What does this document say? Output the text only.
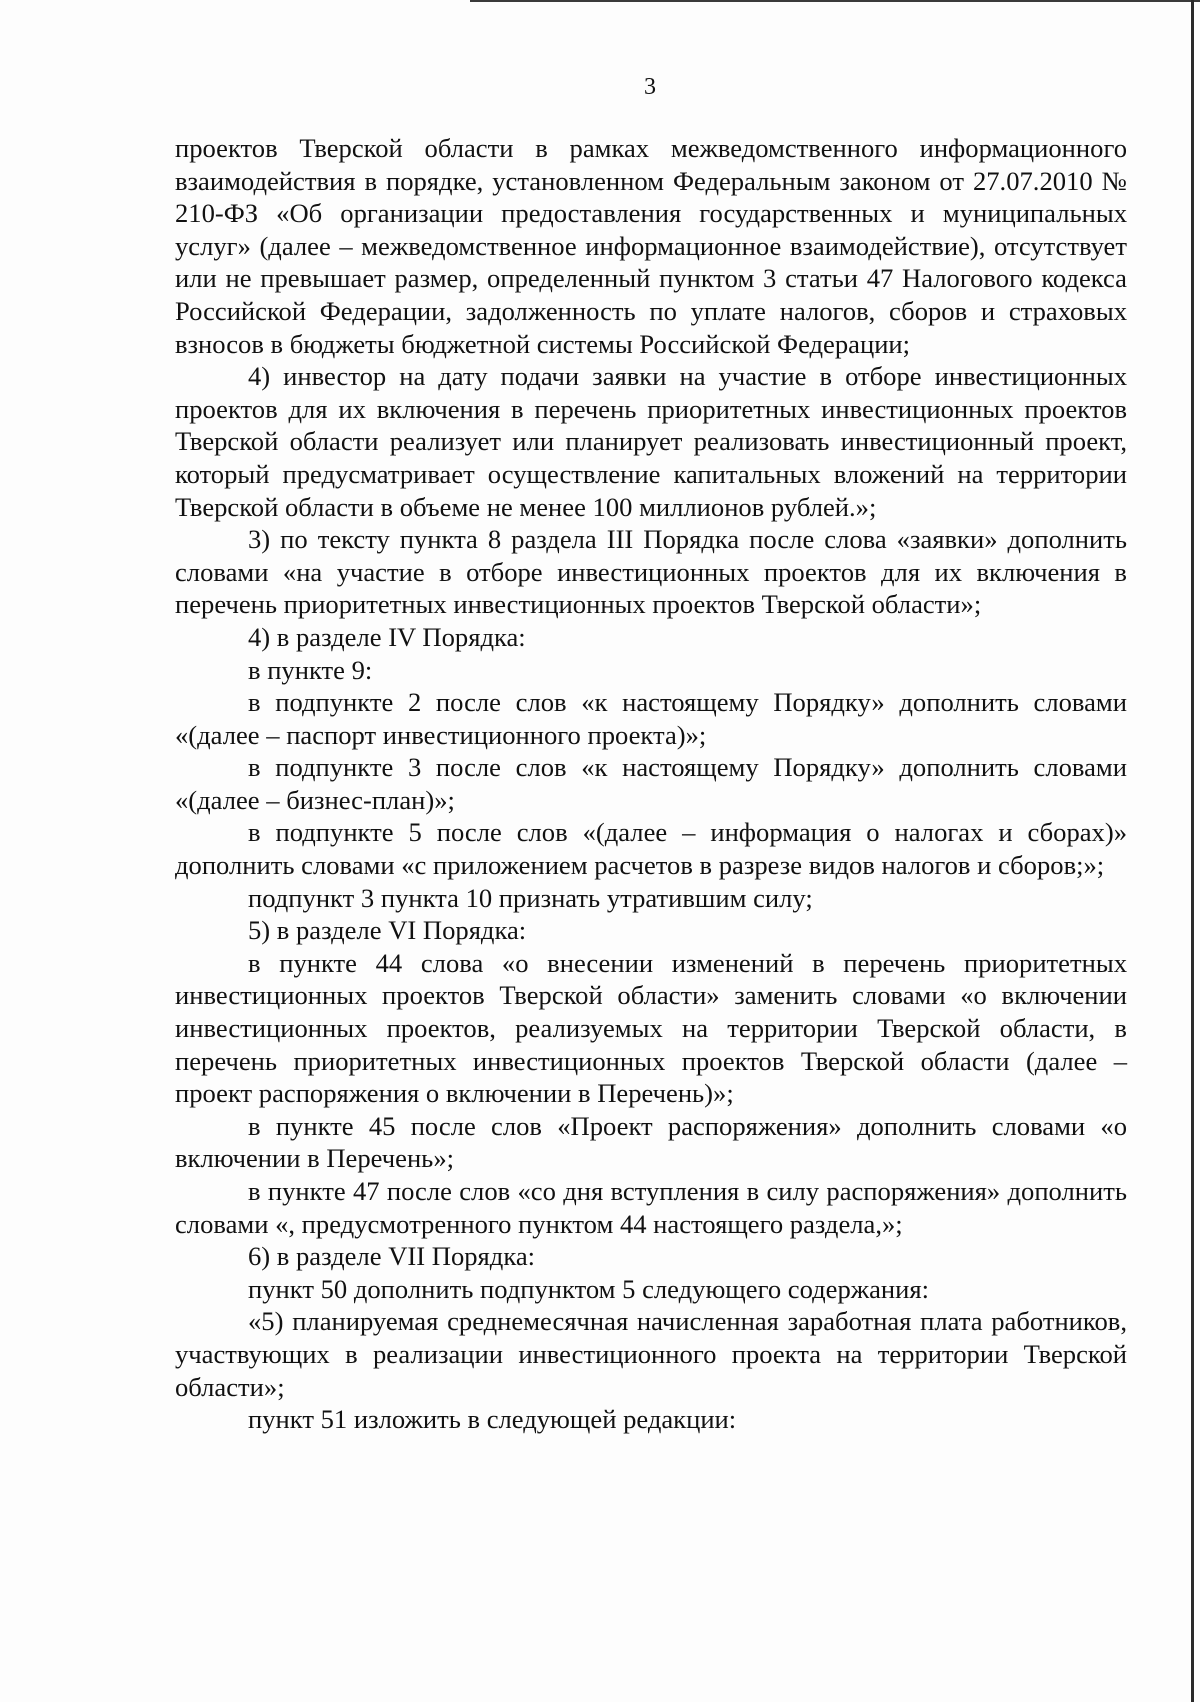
3

проектов Тверской области в рамках межведомственного информационного взаимодействия в порядке, установленном Федеральным законом от 27.07.2010 № 210-ФЗ «Об организации предоставления государственных и муниципальных услуг» (далее – межведомственное информационное взаимодействие), отсутствует или не превышает размер, определенный пунктом 3 статьи 47 Налогового кодекса Российской Федерации, задолженность по уплате налогов, сборов и страховых взносов в бюджеты бюджетной системы Российской Федерации;

4) инвестор на дату подачи заявки на участие в отборе инвестиционных проектов для их включения в перечень приоритетных инвестиционных проектов Тверской области реализует или планирует реализовать инвестиционный проект, который предусматривает осуществление капитальных вложений на территории Тверской области в объеме не менее 100 миллионов рублей.»;

3) по тексту пункта 8 раздела III Порядка после слова «заявки» дополнить словами «на участие в отборе инвестиционных проектов для их включения в перечень приоритетных инвестиционных проектов Тверской области»;

4) в разделе IV Порядка:

в пункте 9:

в подпункте 2 после слов «к настоящему Порядку» дополнить словами «(далее – паспорт инвестиционного проекта)»;

в подпункте 3 после слов «к настоящему Порядку» дополнить словами «(далее – бизнес-план)»;

в подпункте 5 после слов «(далее – информация о налогах и сборах)» дополнить словами «с приложением расчетов в разрезе видов налогов и сборов;»;

подпункт 3 пункта 10 признать утратившим силу;

5) в разделе VI Порядка:

в пункте 44 слова «о внесении изменений в перечень приоритетных инвестиционных проектов Тверской области» заменить словами «о включении инвестиционных проектов, реализуемых на территории Тверской области, в перечень приоритетных инвестиционных проектов Тверской области (далее – проект распоряжения о включении в Перечень)»;

в пункте 45 после слов «Проект распоряжения» дополнить словами «о включении в Перечень»;

в пункте 47 после слов «со дня вступления в силу распоряжения» дополнить словами «, предусмотренного пунктом 44 настоящего раздела,»;

6) в разделе VII Порядка:

пункт 50 дополнить подпунктом 5 следующего содержания:

«5) планируемая среднемесячная начисленная заработная плата работников, участвующих в реализации инвестиционного проекта на территории Тверской области»;

пункт 51 изложить в следующей редакции:
